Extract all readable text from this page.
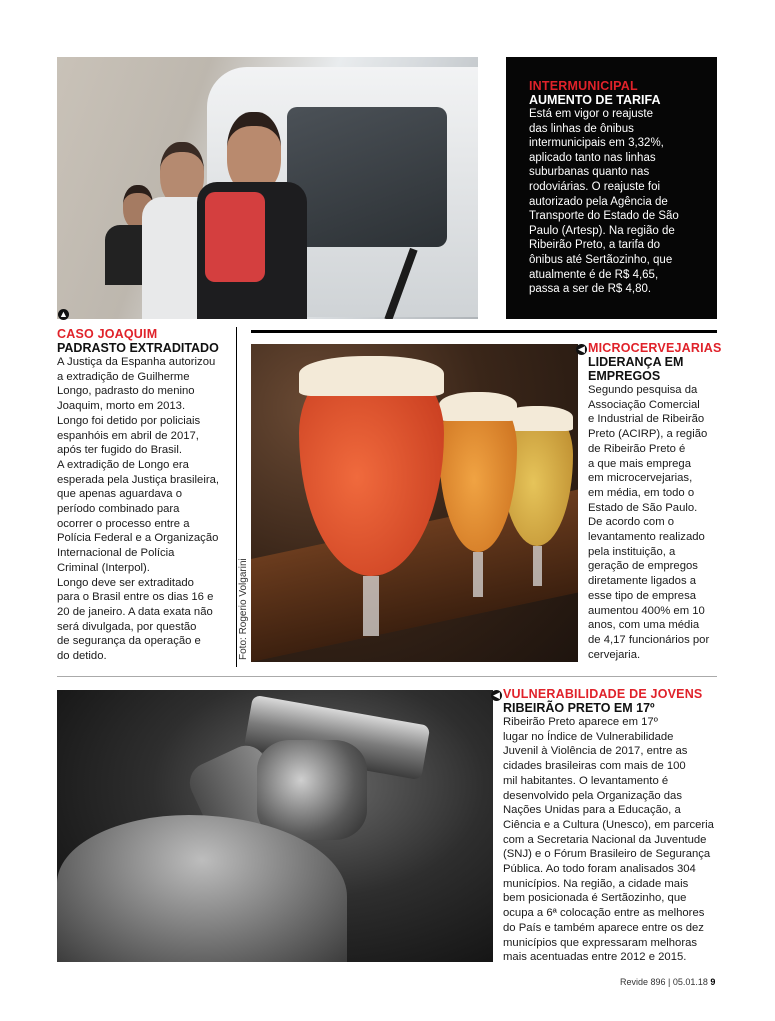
▲
INTERMUNICIPAL
AUMENTO DE TARIFA
Está em vigor o reajuste
das linhas de ônibus
intermunicipais em 3,32%,
aplicado tanto nas linhas
suburbanas quanto nas
rodoviárias. O reajuste foi
autorizado pela Agência de
Transporte do Estado de São
Paulo (Artesp). Na região de
Ribeirão Preto, a tarifa do
ônibus até Sertãozinho, que
atualmente é de R$ 4,65,
passa a ser de R$ 4,80.
CASO JOAQUIM
PADRASTO EXTRADITADO
A Justiça da Espanha autorizou
a extradição de Guilherme
Longo, padrasto do menino
Joaquim, morto em 2013.
Longo foi detido por policiais
espanhóis em abril de 2017,
após ter fugido do Brasil.
A extradição de Longo era
esperada pela Justiça brasileira,
que apenas aguardava o
período combinado para
ocorrer o processo entre a
Polícia Federal e a Organização
Internacional de Polícia
Criminal (Interpol).
Longo deve ser extraditado
para o Brasil entre os dias 16 e
20 de janeiro. A data exata não
será divulgada, por questão
de segurança da operação e
do detido.	Foto: Rogerio Volgarini
◀ MICROCERVEJARIAS
LIDERANÇA EM
EMPREGOS
Segundo pesquisa da
Associação Comercial
e Industrial de Ribeirão
Preto (ACIRP), a região
de Ribeirão Preto é
a que mais emprega
em microcervejarias,
em média, em todo o
Estado de São Paulo.
De acordo com o
levantamento realizado
pela instituição, a
geração de empregos
diretamente ligados a
esse tipo de empresa
aumentou 400% em 10
anos, com uma média
de 4,17 funcionários por
cervejaria.
◀ VULNERABILIDADE DE JOVENS
RIBEIRÃO PRETO EM 17º
Ribeirão Preto aparece em 17º
lugar no Índice de Vulnerabilidade
Juvenil à Violência de 2017, entre as
cidades brasileiras com mais de 100
mil habitantes. O levantamento é
desenvolvido pela Organização das
Nações Unidas para a Educação, a
Ciência e a Cultura (Unesco), em parceria
com a Secretaria Nacional da Juventude
(SNJ) e o Fórum Brasileiro de Segurança
Pública. Ao todo foram analisados 304
municípios. Na região, a cidade mais
bem posicionada é Sertãozinho, que
ocupa a 6ª colocação entre as melhores
do País e também aparece entre os dez
municípios que expressaram melhoras
mais acentuadas entre 2012 e 2015.
Revide 896 | 05.01.18 9
